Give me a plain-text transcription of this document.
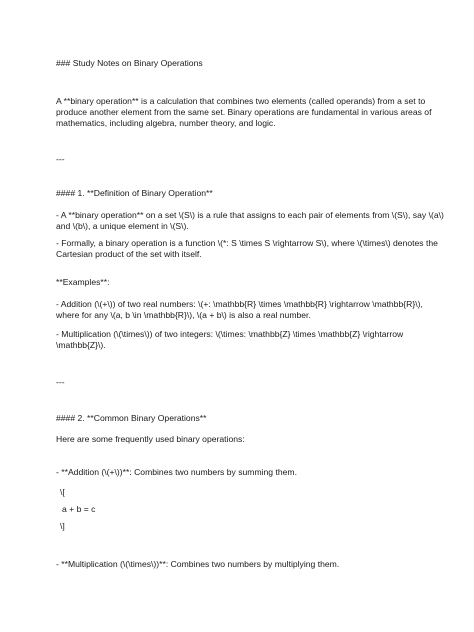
### Study Notes on Binary Operations
A **binary operation** is a calculation that combines two elements (called operands) from a set to
produce another element from the same set. Binary operations are fundamental in various areas of
mathematics, including algebra, number theory, and logic.
---
#### 1. **Definition of Binary Operation**
- A **binary operation** on a set \(S\) is a rule that assigns to each pair of elements from \(S\), say \(a\)
and \(b\), a unique element in \(S\).
- Formally, a binary operation is a function \(*: S \times S \rightarrow S\), where \(\times\) denotes the
Cartesian product of the set with itself.
**Examples**:
- Addition (\(+\)) of two real numbers: \(+: \mathbb{R} \times \mathbb{R} \rightarrow \mathbb{R}\),
where for any \(a, b \in \mathbb{R}\), \(a + b\) is also a real number.
- Multiplication (\(\times\)) of two integers: \(\times: \mathbb{Z} \times \mathbb{Z} \rightarrow
\mathbb{Z}\).
---
#### 2. **Common Binary Operations**
Here are some frequently used binary operations:
- **Addition (\(+\))**: Combines two numbers by summing them.
\[
a + b = c
\]
- **Multiplication (\(\times\))**: Combines two numbers by multiplying them.
